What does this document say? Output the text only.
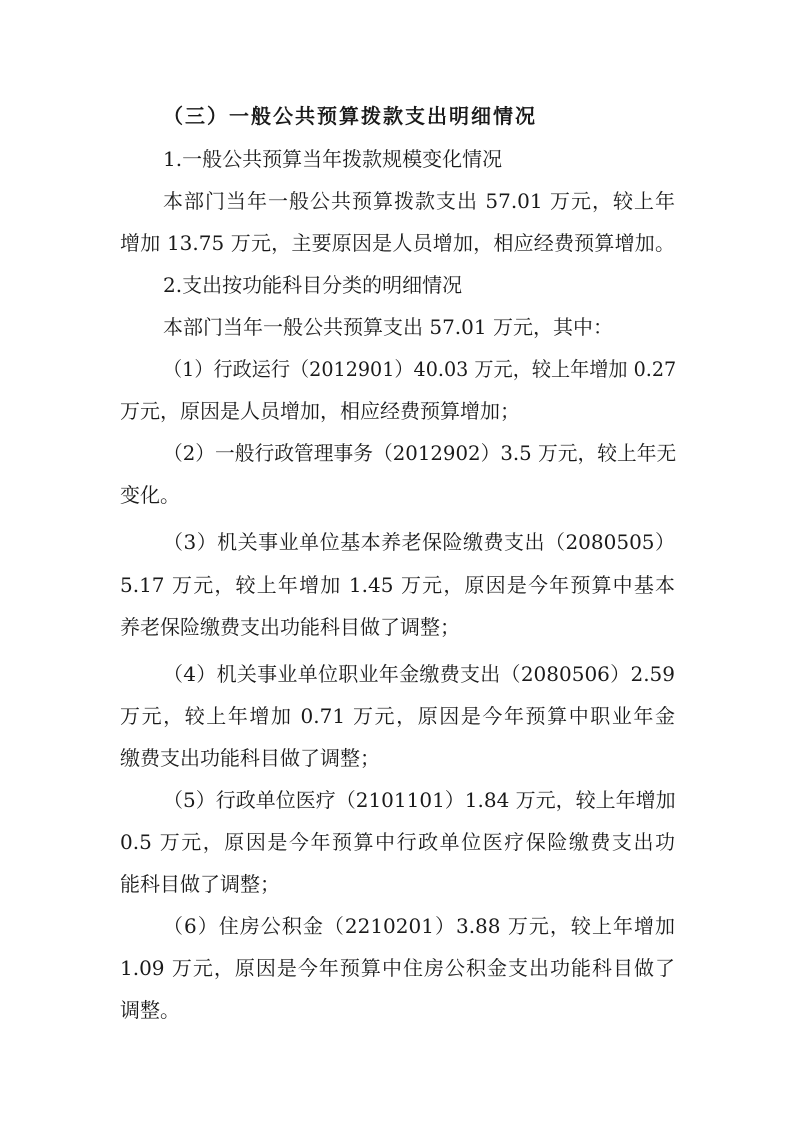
（三）一般公共预算拨款支出明细情况
1.一般公共预算当年拨款规模变化情况
本部门当年一般公共预算拨款支出 57.01 万元，较上年
增加 13.75 万元，主要原因是人员增加，相应经费预算增加。
2.支出按功能科目分类的明细情况
本部门当年一般公共预算支出 57.01 万元，其中：
（1）行政运行（2012901）40.03 万元，较上年增加 0.27
万元，原因是人员增加，相应经费预算增加；
（2）一般行政管理事务（2012902）3.5 万元，较上年无
变化。
（3）机关事业单位基本养老保险缴费支出（2080505）
5.17 万元，较上年增加 1.45 万元，原因是今年预算中基本
养老保险缴费支出功能科目做了调整；
（4）机关事业单位职业年金缴费支出（2080506）2.59
万元，较上年增加 0.71 万元，原因是今年预算中职业年金
缴费支出功能科目做了调整；
（5）行政单位医疗（2101101）1.84 万元，较上年增加
0.5 万元，原因是今年预算中行政单位医疗保险缴费支出功
能科目做了调整；
（6）住房公积金（2210201）3.88 万元，较上年增加
1.09 万元，原因是今年预算中住房公积金支出功能科目做了
调整。
